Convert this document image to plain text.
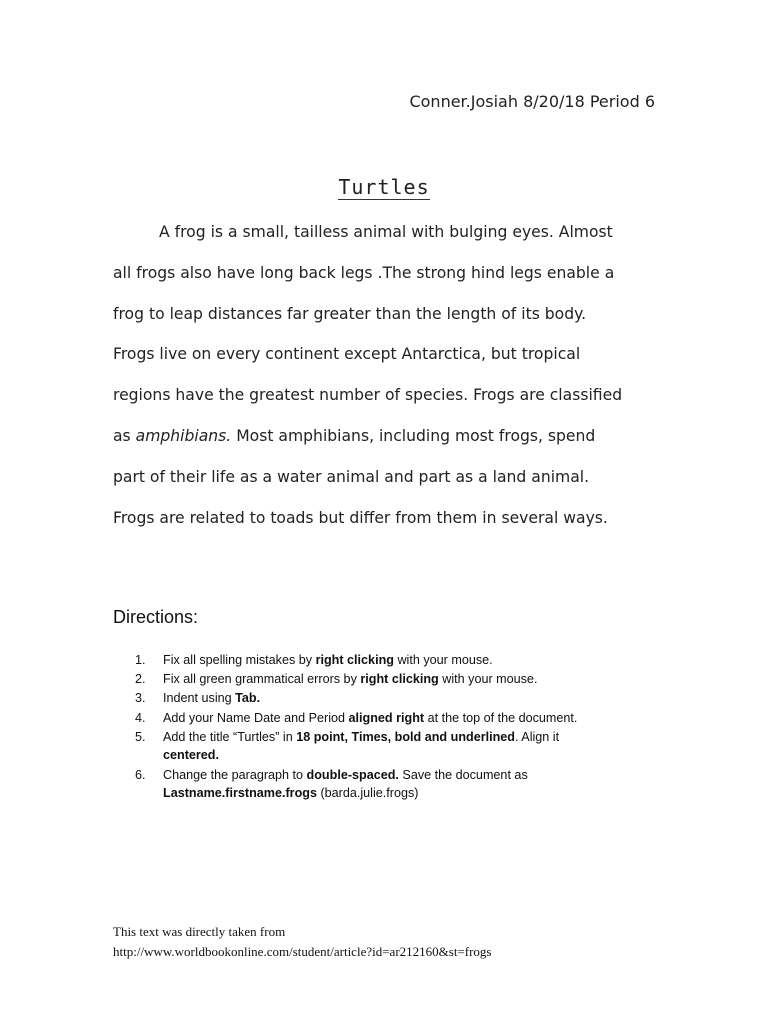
Conner.Josiah 8/20/18 Period 6
Turtles
A frog is a small, tailless animal with bulging eyes. Almost
all frogs also have long back legs .The strong hind legs enable a
frog to leap distances far greater than the length of its body.
Frogs live on every continent except Antarctica, but tropical
regions have the greatest number of species. Frogs are classified
as amphibians. Most amphibians, including most frogs, spend
part of their life as a water animal and part as a land animal.
Frogs are related to toads but differ from them in several ways.
Directions:
1. Fix all spelling mistakes by right clicking with your mouse.
2. Fix all green grammatical errors by right clicking with your mouse.
3. Indent using Tab.
4. Add your Name Date and Period aligned right at the top of the document.
5. Add the title “Turtles” in 18 point, Times, bold and underlined. Align it
centered.
6. Change the paragraph to double-spaced. Save the document as
Lastname.firstname.frogs (barda.julie.frogs)
This text was directly taken from
http://www.worldbookonline.com/student/article?id=ar212160&st=frogs
